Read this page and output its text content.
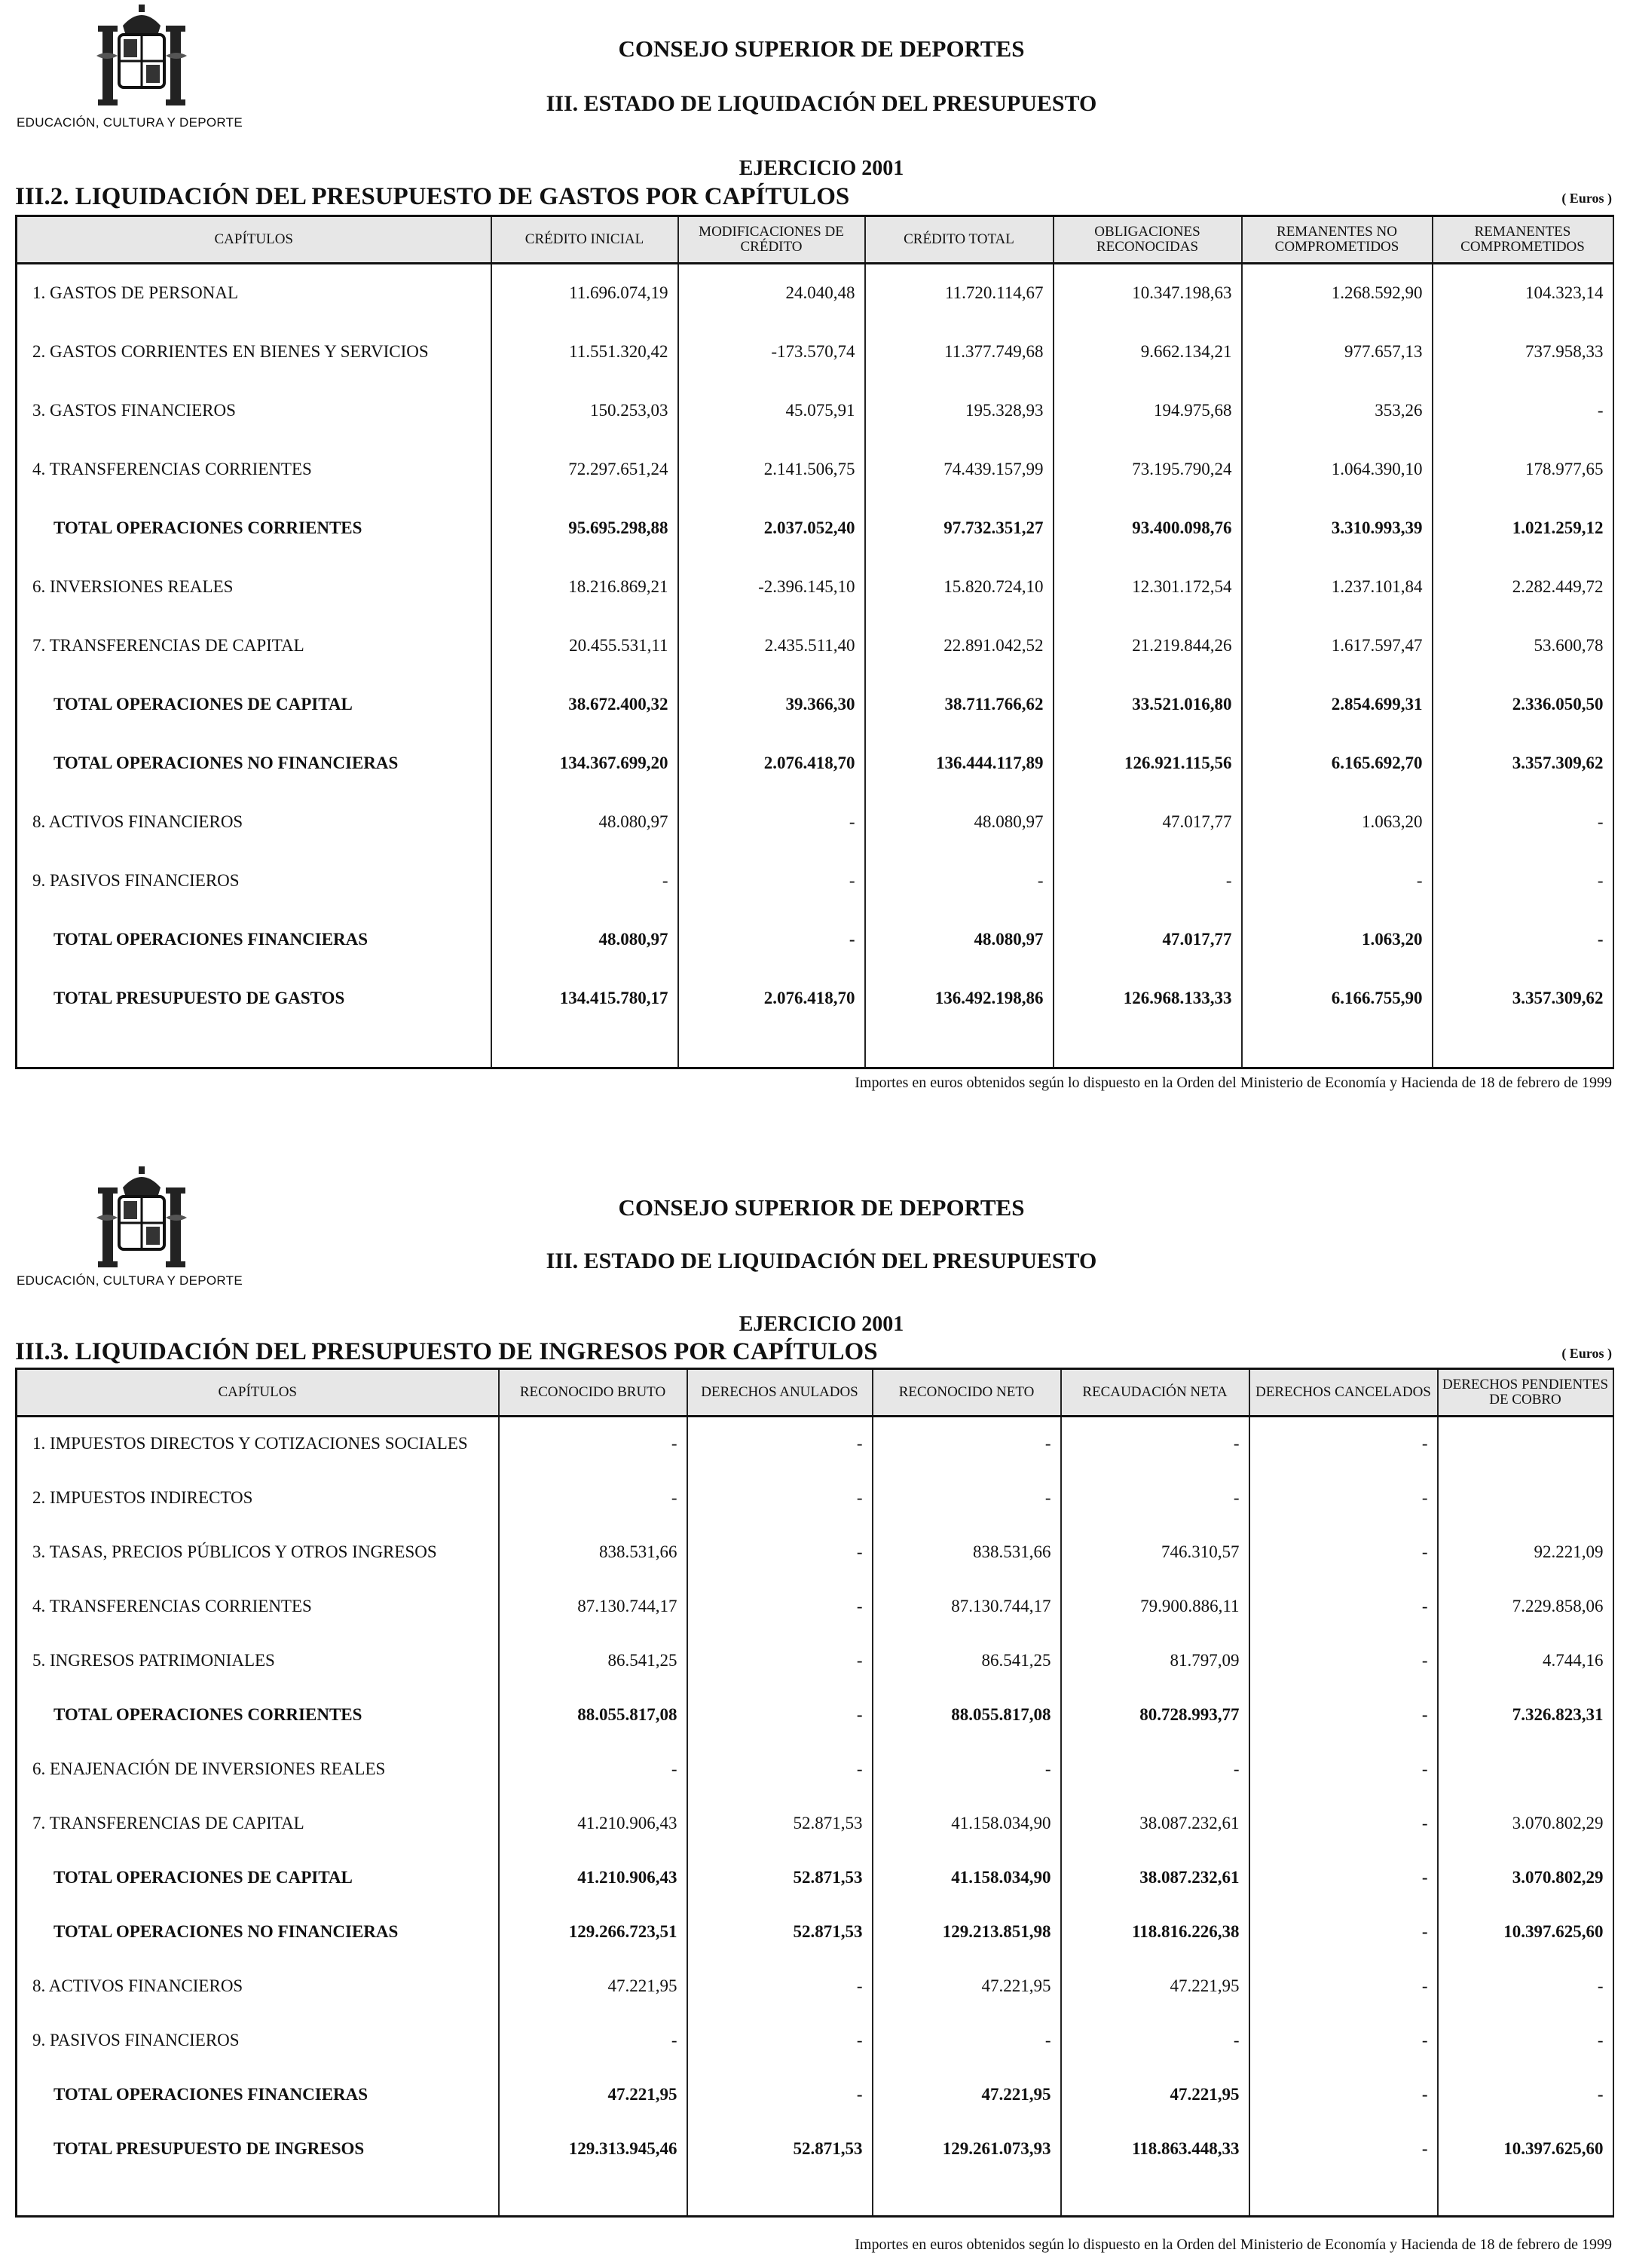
EDUCACIÓN, CULTURA Y DEPORTE
CONSEJO SUPERIOR DE DEPORTES
III. ESTADO DE LIQUIDACIÓN DEL PRESUPUESTO
EJERCICIO 2001
III.2. LIQUIDACIÓN DEL PRESUPUESTO DE GASTOS POR CAPÍTULOS	( Euros )
CAPÍTULOS	CRÉDITO INICIAL	MODIFICACIONES DE CRÉDITO	CRÉDITO TOTAL	OBLIGACIONES RECONOCIDAS	REMANENTES NO COMPROMETIDOS	REMANENTES COMPROMETIDOS
1. GASTOS DE PERSONAL	11.696.074,19	24.040,48	11.720.114,67	10.347.198,63	1.268.592,90	104.323,14
2. GASTOS CORRIENTES EN BIENES Y SERVICIOS	11.551.320,42	-173.570,74	11.377.749,68	9.662.134,21	977.657,13	737.958,33
3. GASTOS FINANCIEROS	150.253,03	45.075,91	195.328,93	194.975,68	353,26	-
4. TRANSFERENCIAS CORRIENTES	72.297.651,24	2.141.506,75	74.439.157,99	73.195.790,24	1.064.390,10	178.977,65
TOTAL OPERACIONES CORRIENTES	95.695.298,88	2.037.052,40	97.732.351,27	93.400.098,76	3.310.993,39	1.021.259,12
6. INVERSIONES REALES	18.216.869,21	-2.396.145,10	15.820.724,10	12.301.172,54	1.237.101,84	2.282.449,72
7. TRANSFERENCIAS DE CAPITAL	20.455.531,11	2.435.511,40	22.891.042,52	21.219.844,26	1.617.597,47	53.600,78
TOTAL OPERACIONES DE CAPITAL	38.672.400,32	39.366,30	38.711.766,62	33.521.016,80	2.854.699,31	2.336.050,50
TOTAL OPERACIONES NO FINANCIERAS	134.367.699,20	2.076.418,70	136.444.117,89	126.921.115,56	6.165.692,70	3.357.309,62
8. ACTIVOS FINANCIEROS	48.080,97	-	48.080,97	47.017,77	1.063,20	-
9. PASIVOS FINANCIEROS	-	-	-	-	-	-
TOTAL OPERACIONES FINANCIERAS	48.080,97	-	48.080,97	47.017,77	1.063,20	-
TOTAL PRESUPUESTO DE GASTOS	134.415.780,17	2.076.418,70	136.492.198,86	126.968.133,33	6.166.755,90	3.357.309,62

Importes en euros obtenidos según lo dispuesto en la Orden del Ministerio de Economía y Hacienda de 18 de febrero de 1999
EDUCACIÓN, CULTURA Y DEPORTE
CONSEJO SUPERIOR DE DEPORTES
III. ESTADO DE LIQUIDACIÓN DEL PRESUPUESTO
EJERCICIO 2001
III.3. LIQUIDACIÓN DEL PRESUPUESTO DE INGRESOS POR CAPÍTULOS	( Euros )
CAPÍTULOS	RECONOCIDO BRUTO	DERECHOS ANULADOS	RECONOCIDO NETO	RECAUDACIÓN NETA	DERECHOS CANCELADOS	DERECHOS PENDIENTES DE COBRO
1. IMPUESTOS DIRECTOS Y COTIZACIONES SOCIALES	-	-	-	-	-	
2. IMPUESTOS INDIRECTOS	-	-	-	-	-	
3. TASAS, PRECIOS PÚBLICOS Y OTROS INGRESOS	838.531,66	-	838.531,66	746.310,57	-	92.221,09
4. TRANSFERENCIAS CORRIENTES	87.130.744,17	-	87.130.744,17	79.900.886,11	-	7.229.858,06
5. INGRESOS PATRIMONIALES	86.541,25	-	86.541,25	81.797,09	-	4.744,16
TOTAL OPERACIONES CORRIENTES	88.055.817,08	-	88.055.817,08	80.728.993,77	-	7.326.823,31
6. ENAJENACIÓN DE INVERSIONES REALES	-	-	-	-	-	
7. TRANSFERENCIAS DE CAPITAL	41.210.906,43	52.871,53	41.158.034,90	38.087.232,61	-	3.070.802,29
TOTAL OPERACIONES DE CAPITAL	41.210.906,43	52.871,53	41.158.034,90	38.087.232,61	-	3.070.802,29
TOTAL OPERACIONES NO FINANCIERAS	129.266.723,51	52.871,53	129.213.851,98	118.816.226,38	-	10.397.625,60
8. ACTIVOS FINANCIEROS	47.221,95	-	47.221,95	47.221,95	-	-
9. PASIVOS FINANCIEROS	-	-	-	-	-	-
TOTAL OPERACIONES FINANCIERAS	47.221,95	-	47.221,95	47.221,95	-	-
TOTAL PRESUPUESTO DE INGRESOS	129.313.945,46	52.871,53	129.261.073,93	118.863.448,33	-	10.397.625,60

Importes en euros obtenidos según lo dispuesto en la Orden del Ministerio de Economía y Hacienda de 18 de febrero de 1999
